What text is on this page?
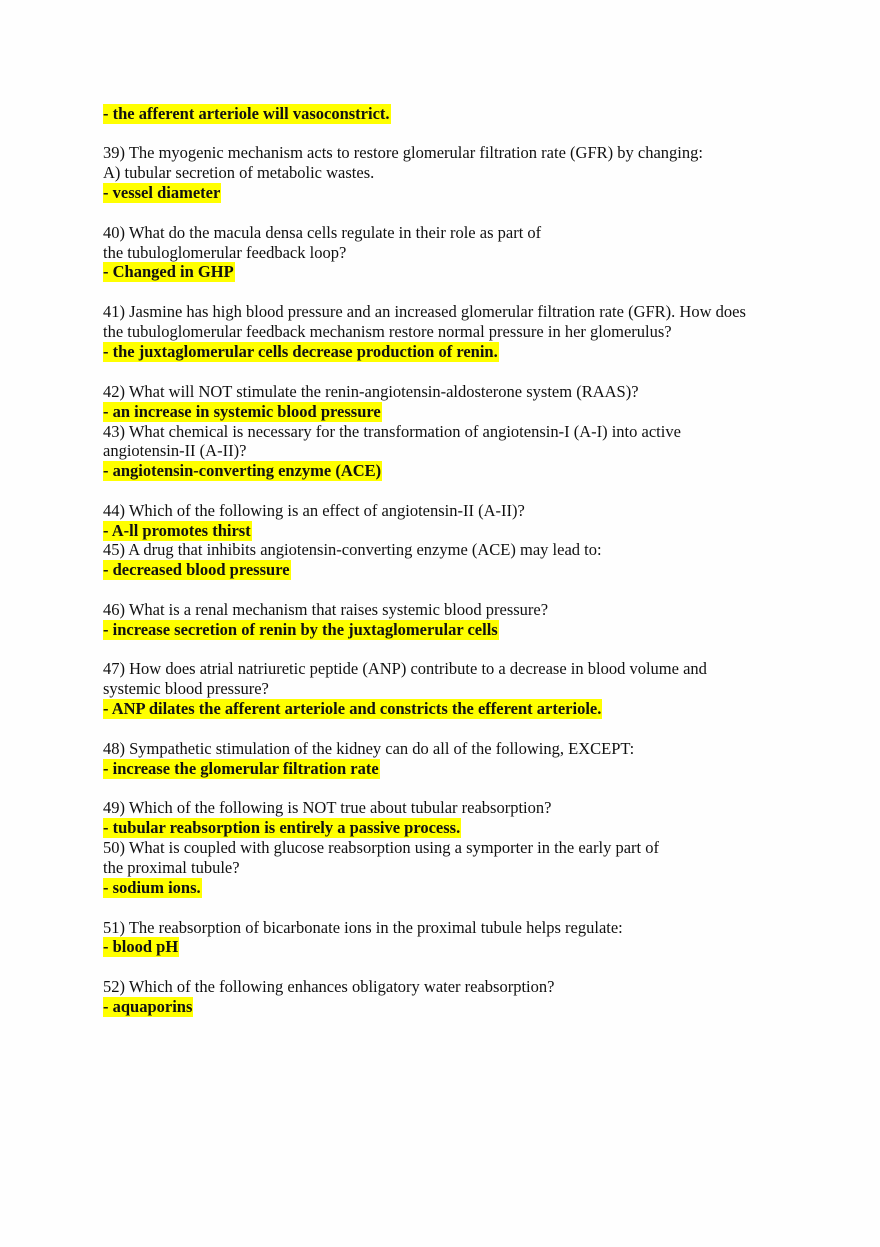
- the afferent arteriole will vasoconstrict.
39) The myogenic mechanism acts to restore glomerular filtration rate (GFR) by changing:
A) tubular secretion of metabolic wastes.
- vessel diameter
40) What do the macula densa cells regulate in their role as part of
the tubuloglomerular feedback loop?
- Changed in GHP
41) Jasmine has high blood pressure and an increased glomerular filtration rate (GFR). How does
the tubuloglomerular feedback mechanism restore normal pressure in her glomerulus?
- the juxtaglomerular cells decrease production of renin.
42) What will NOT stimulate the renin-angiotensin-aldosterone system (RAAS)?
- an increase in systemic blood pressure
43) What chemical is necessary for the transformation of angiotensin-I (A-I) into active
angiotensin-II (A-II)?
- angiotensin-converting enzyme (ACE)
44) Which of the following is an effect of angiotensin-II (A-II)?
- A-ll promotes thirst
45) A drug that inhibits angiotensin-converting enzyme (ACE) may lead to:
- decreased blood pressure
46) What is a renal mechanism that raises systemic blood pressure?
- increase secretion of renin by the juxtaglomerular cells
47) How does atrial natriuretic peptide (ANP) contribute to a decrease in blood volume and
systemic blood pressure?
- ANP dilates the afferent arteriole and constricts the efferent arteriole.
48) Sympathetic stimulation of the kidney can do all of the following, EXCEPT:
- increase the glomerular filtration rate
49) Which of the following is NOT true about tubular reabsorption?
- tubular reabsorption is entirely a passive process.
50) What is coupled with glucose reabsorption using a symporter in the early part of
the proximal tubule?
- sodium ions.
51) The reabsorption of bicarbonate ions in the proximal tubule helps regulate:
- blood pH
52) Which of the following enhances obligatory water reabsorption?
- aquaporins
